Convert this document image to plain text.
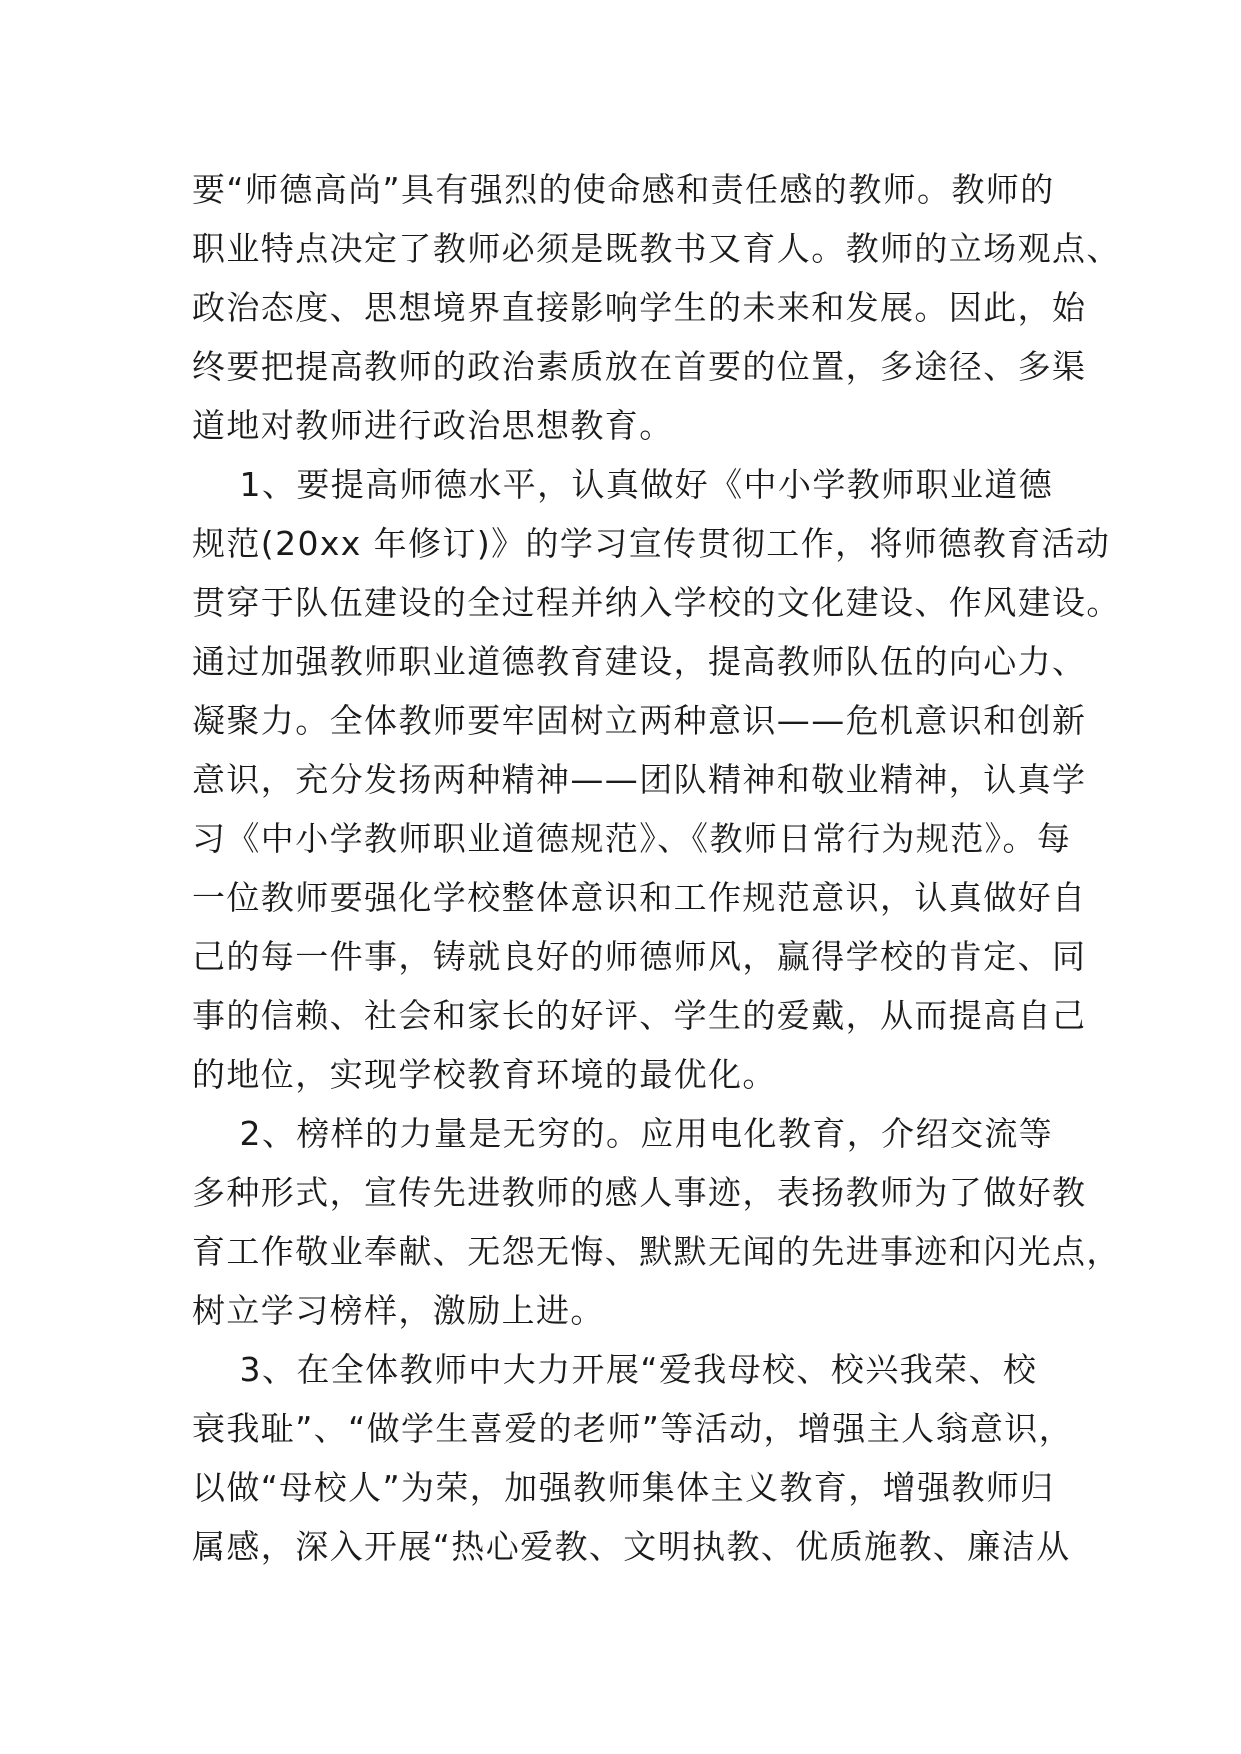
要“师德高尚”具有强烈的使命感和责任感的教师。教师的
职业特点决定了教师必须是既教书又育人。教师的立场观点、
政治态度、思想境界直接影响学生的未来和发展。因此，始
终要把提高教师的政治素质放在首要的位置，多途径、多渠
道地对教师进行政治思想教育。
1、要提高师德水平，认真做好《中小学教师职业道德
规范(20xx 年修订)》的学习宣传贯彻工作，将师德教育活动
贯穿于队伍建设的全过程并纳入学校的文化建设、作风建设。
通过加强教师职业道德教育建设，提高教师队伍的向心力、
凝聚力。全体教师要牢固树立两种意识——危机意识和创新
意识，充分发扬两种精神——团队精神和敬业精神，认真学
习《中小学教师职业道德规范》、《教师日常行为规范》。每
一位教师要强化学校整体意识和工作规范意识，认真做好自
己的每一件事，铸就良好的师德师风，赢得学校的肯定、同
事的信赖、社会和家长的好评、学生的爱戴，从而提高自己
的地位，实现学校教育环境的最优化。
2、榜样的力量是无穷的。应用电化教育，介绍交流等
多种形式，宣传先进教师的感人事迹，表扬教师为了做好教
育工作敬业奉献、无怨无悔、默默无闻的先进事迹和闪光点，
树立学习榜样，激励上进。
3、在全体教师中大力开展“爱我母校、校兴我荣、校
衰我耻”、“做学生喜爱的老师”等活动，增强主人翁意识，
以做“母校人”为荣，加强教师集体主义教育，增强教师归
属感，深入开展“热心爱教、文明执教、优质施教、廉洁从
